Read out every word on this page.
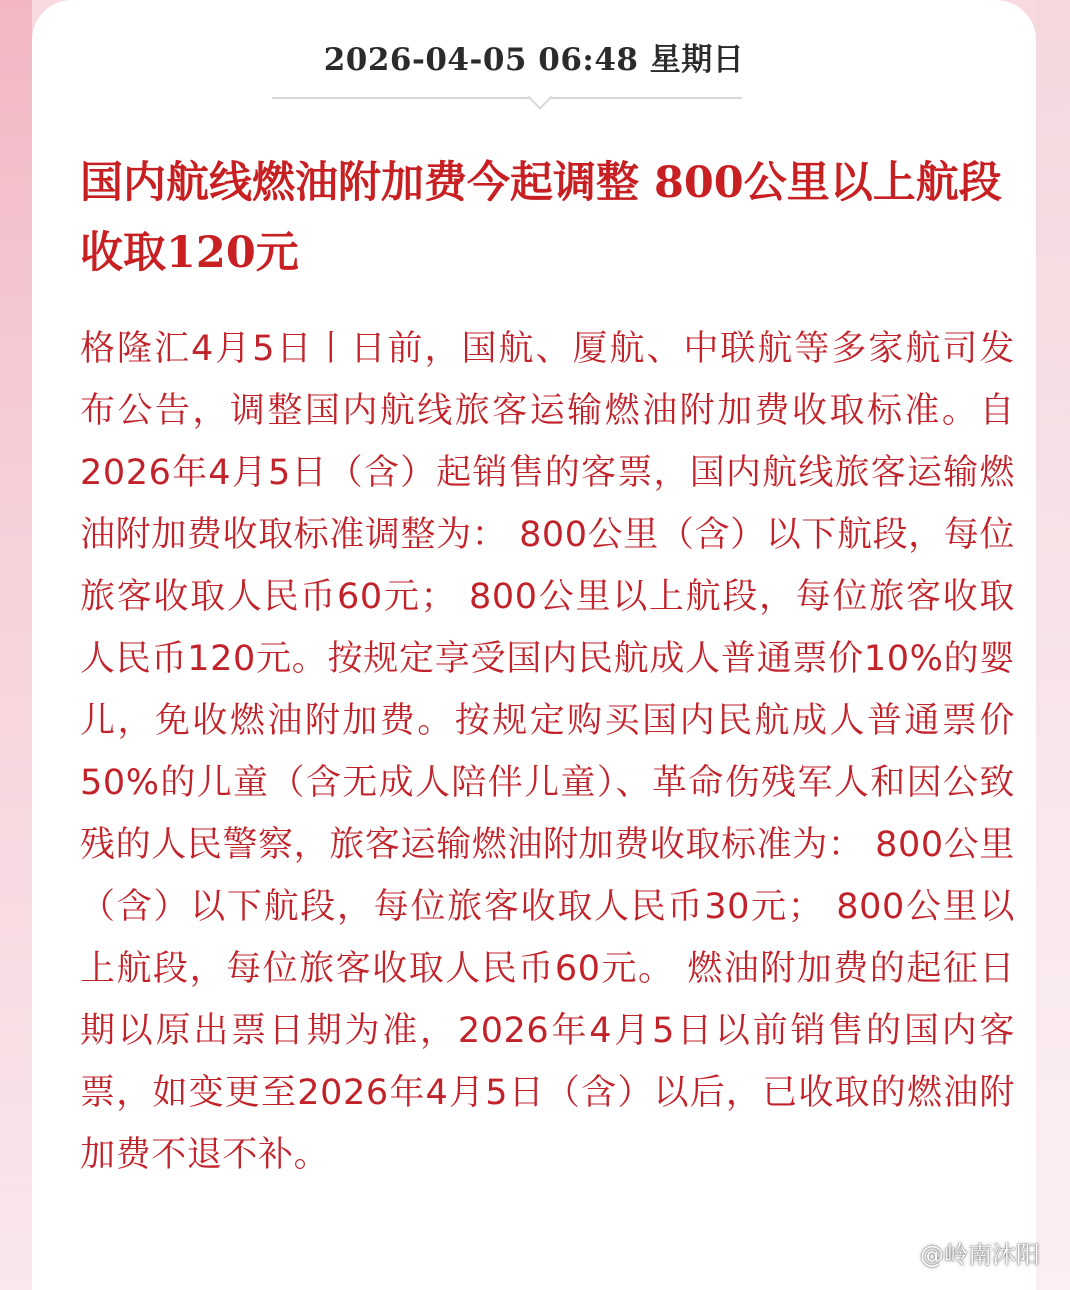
2026-04-05 06:48 星期日
国内航线燃油附加费今起调整 800公里以上航段收取120元

格隆汇4月5日丨日前，国航、厦航、中联航等多家航司发布公告，调整国内航线旅客运输燃油附加费收取标准。自2026年4月5日（含）起销售的客票，国内航线旅客运输燃油附加费收取标准调整为： 800公里（含）以下航段，每位旅客收取人民币60元； 800公里以上航段，每位旅客收取人民币120元。按规定享受国内民航成人普通票价10%的婴儿，免收燃油附加费。按规定购买国内民航成人普通票价50%的儿童（含无成人陪伴儿童）、革命伤残军人和因公致残的人民警察，旅客运输燃油附加费收取标准为： 800公里（含）以下航段，每位旅客收取人民币30元； 800公里以上航段，每位旅客收取人民币60元。 燃油附加费的起征日期以原出票日期为准，2026年4月5日以前销售的国内客票，如变更至2026年4月5日（含）以后，已收取的燃油附加费不退不补。

@岭南沐阳
